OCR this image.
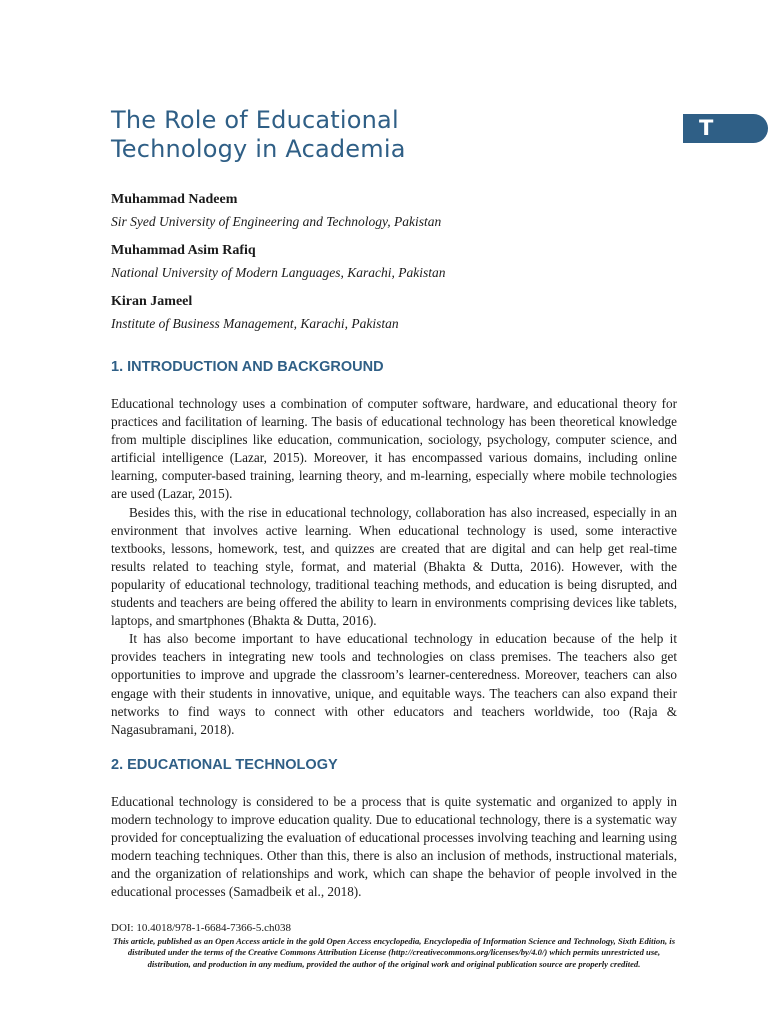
The Role of Educational
Technology in Academia
T
Muhammad Nadeem
Sir Syed University of Engineering and Technology, Pakistan
Muhammad Asim Rafiq
National University of Modern Languages, Karachi, Pakistan
Kiran Jameel
Institute of Business Management, Karachi, Pakistan
1. INTRODUCTION AND BACKGROUND

Educational technology uses a combination of computer software, hardware, and educational theory for practices and facilitation of learning. The basis of educational technology has been theoretical knowledge from multiple disciplines like education, communication, sociology, psychology, computer science, and artificial intelligence (Lazar, 2015). Moreover, it has encompassed various domains, including online learning, computer-based training, learning theory, and m-learning, especially where mobile technologies are used (Lazar, 2015).

Besides this, with the rise in educational technology, collaboration has also increased, especially in an environment that involves active learning. When educational technology is used, some interactive textbooks, lessons, homework, test, and quizzes are created that are digital and can help get real-time results related to teaching style, format, and material (Bhakta & Dutta, 2016). However, with the popularity of educational technology, traditional teaching methods, and education is being disrupted, and students and teachers are being offered the ability to learn in environments comprising devices like tablets, laptops, and smartphones (Bhakta & Dutta, 2016).

It has also become important to have educational technology in education because of the help it provides teachers in integrating new tools and technologies on class premises. The teachers also get opportunities to improve and upgrade the classroom’s learner-centeredness. Moreover, teachers can also engage with their students in innovative, unique, and equitable ways. The teachers can also expand their networks to find ways to connect with other educators and teachers worldwide, too (Raja & Nagasubramani, 2018).

2. EDUCATIONAL TECHNOLOGY

Educational technology is considered to be a process that is quite systematic and organized to apply in modern technology to improve education quality. Due to educational technology, there is a systematic way provided for conceptualizing the evaluation of educational processes involving teaching and learning using modern teaching techniques. Other than this, there is also an inclusion of methods, instructional materials, and the organization of relationships and work, which can shape the behavior of people involved in the educational processes (Samadbeik et al., 2018).

DOI: 10.4018/978-1-6684-7366-5.ch038

This article, published as an Open Access article in the gold Open Access encyclopedia, Encyclopedia of Information Science and Technology, Sixth Edition, is distributed under the terms of the Creative Commons Attribution License (http://creativecommons.org/licenses/by/4.0/) which permits unrestricted use, distribution, and production in any medium, provided the author of the original work and original publication source are properly credited.
